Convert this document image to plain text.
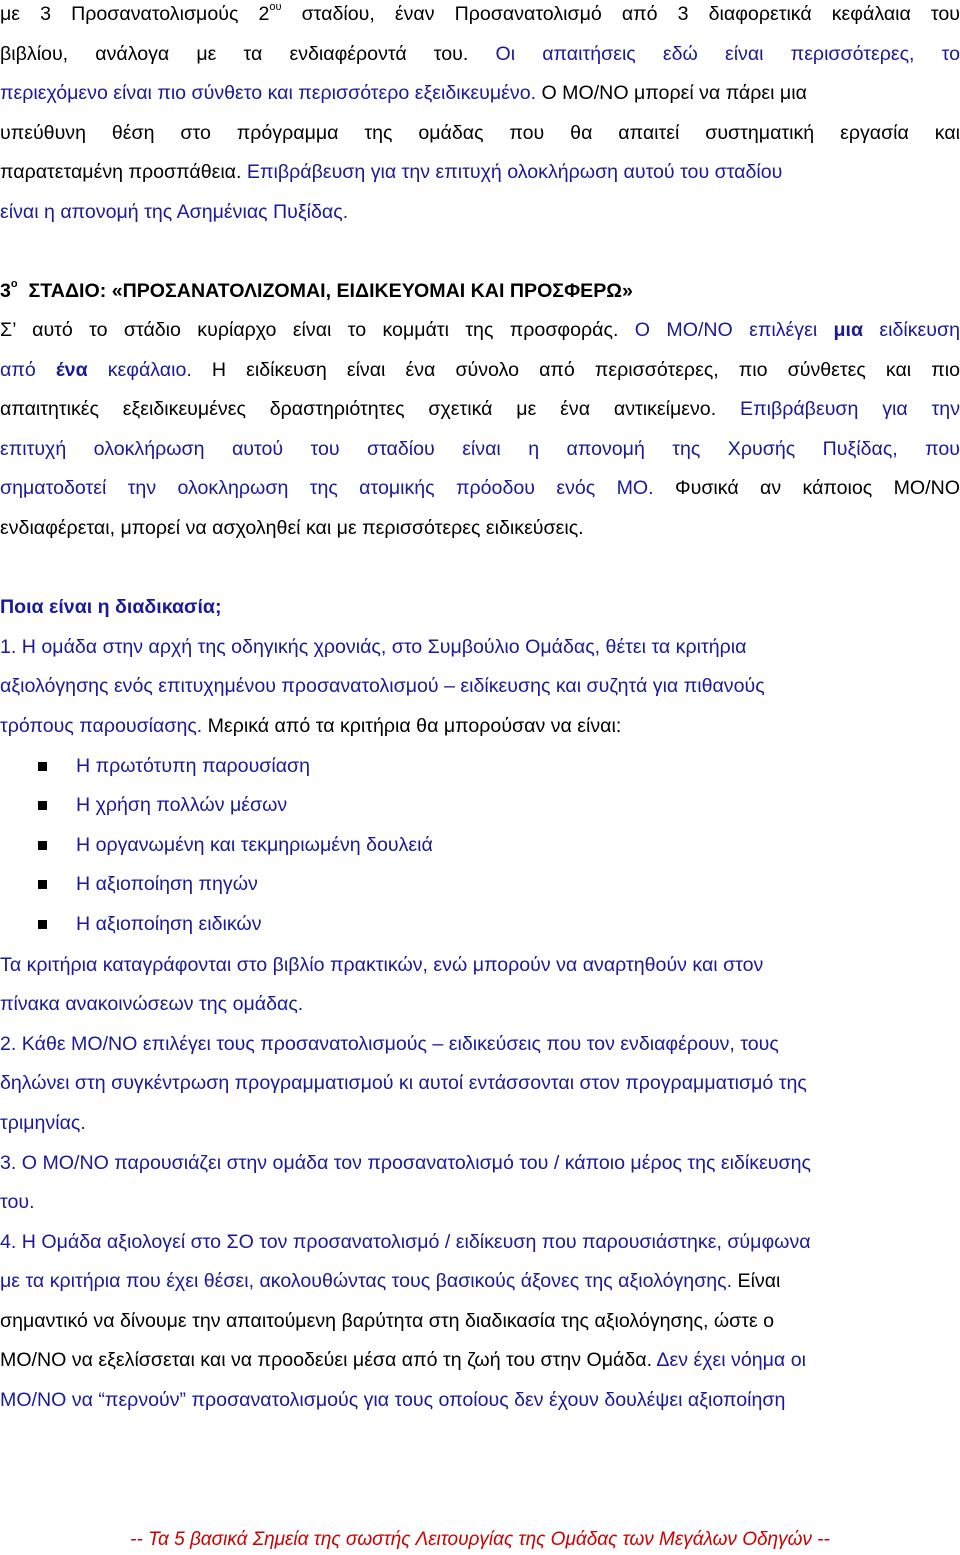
με 3 Προσανατολισμούς $2^{o\upsilon}$ σταδίου, έναν Προσανατολισμό από 3 διαφορετικά κεφάλαια του
βιβλίου, ανάλογα με τα ενδιαφέροντά του. Οι απαιτήσεις εδώ είναι περισσότερες, το
περιεχόμενο είναι πιο σύνθετο και περισσότερο εξειδικευμένο. Ο ΜΟ/ΝΟ μπορεί να πάρει μια
υπεύθυνη θέση στο πρόγραμμα της ομάδας που θα απαιτεί συστηματική εργασία και
παρατεταμένη προσπάθεια. Επιβράβευση για την επιτυχή ολοκλήρωση αυτού του σταδίου
είναι η απονομή της Ασημένιας Πυξίδας.
$3^o$ ΣΤΑΔΙΟ: «ΠΡΟΣΑΝΑΤΟΛΙΖΟΜΑΙ, ΕΙΔΙΚΕΥΟΜΑΙ ΚΑΙ ΠΡΟΣΦΕΡΩ»
Σ’ αυτό το στάδιο κυρίαρχο είναι το κομμάτι της προσφοράς. Ο ΜΟ/ΝΟ επιλέγει μια ειδίκευση
από ένα κεφάλαιο. Η ειδίκευση είναι ένα σύνολο από περισσότερες, πιο σύνθετες και πιο
απαιτητικές εξειδικευμένες δραστηριότητες σχετικά με ένα αντικείμενο. Επιβράβευση για την
επιτυχή ολοκλήρωση αυτού του σταδίου είναι η απονομή της Χρυσής Πυξίδας, που
σηματοδοτεί την ολοκληρωση της ατομικής πρόοδου ενός ΜΟ. Φυσικά αν κάποιος ΜΟ/ΝΟ
ενδιαφέρεται, μπορεί να ασχοληθεί και με περισσότερες ειδικεύσεις.
Ποια είναι η διαδικασία;
1. Η ομάδα στην αρχή της οδηγικής χρονιάς, στο Συμβούλιο Ομάδας, θέτει τα κριτήρια
αξιολόγησης ενός επιτυχημένου προσανατολισμού – ειδίκευσης και συζητά για πιθανούς
τρόπους παρουσίασης. Μερικά από τα κριτήρια θα μπορούσαν να είναι:
Η πρωτότυπη παρουσίαση
Η χρήση πολλών μέσων
Η οργανωμένη και τεκμηριωμένη δουλειά
Η αξιοποίηση πηγών
Η αξιοποίηση ειδικών
Τα κριτήρια καταγράφονται στο βιβλίο πρακτικών, ενώ μπορούν να αναρτηθούν και στον
πίνακα ανακοινώσεων της ομάδας.
2. Κάθε ΜΟ/ΝΟ επιλέγει τους προσανατολισμούς – ειδικεύσεις που τον ενδιαφέρουν, τους
δηλώνει στη συγκέντρωση προγραμματισμού κι αυτοί εντάσσονται στον προγραμματισμό της
τριμηνίας.
3. Ο ΜΟ/ΝΟ παρουσιάζει στην ομάδα τον προσανατολισμό του / κάποιο μέρος της ειδίκευσης
του.
4. Η Ομάδα αξιολογεί στο ΣΟ τον προσανατολισμό / ειδίκευση που παρουσιάστηκε, σύμφωνα
με τα κριτήρια που έχει θέσει, ακολουθώντας τους βασικούς άξονες της αξιολόγησης. Είναι
σημαντικό να δίνουμε την απαιτούμενη βαρύτητα στη διαδικασία της αξιολόγησης, ώστε ο
ΜΟ/ΝΟ να εξελίσσεται και να προοδεύει μέσα από τη ζωή του στην Ομάδα. Δεν έχει νόημα οι
ΜΟ/ΝΟ να “περνούν” προσανατολισμούς για τους οποίους δεν έχουν δουλέψει αξιοποίηση
-- Τα 5 βασικά Σημεία της σωστής Λειτουργίας της Ομάδας των Μεγάλων Οδηγών --
